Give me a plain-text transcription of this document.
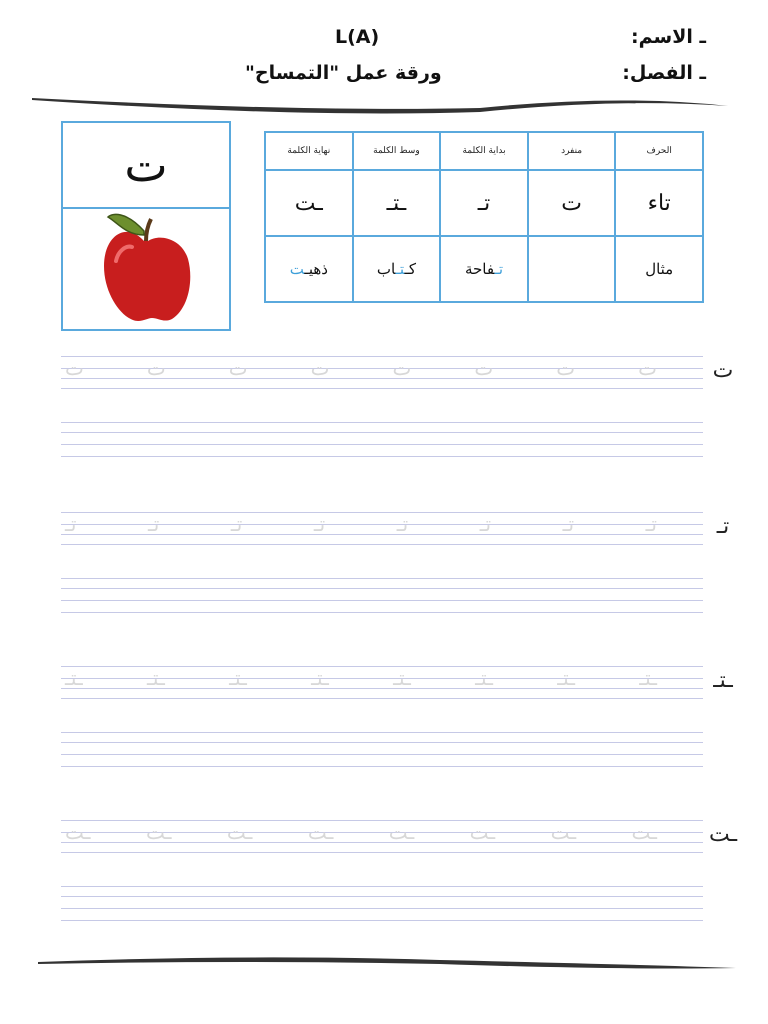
ـ الاسم:
ـ الفصل:
L(A)
ورقة عمل "التمساح"
ت	الحرف	منفرد	بداية الكلمة	وسط الكلمة	نهاية الكلمة
تاء	ت	تـ	ـتـ	ـت
مثال		تـفاحة	كـتـاب	ذهيـت
ت
ت
ت
ت
ت
ت
ت
ت
ت
تـ
تـ
تـ
تـ
تـ
تـ
تـ
تـ
تـ
ـتـ
ـتـ
ـتـ
ـتـ
ـتـ
ـتـ
ـتـ
ـتـ
ـتـ
ـت
ـت
ـت
ـت
ـت
ـت
ـت
ـت
ـت
